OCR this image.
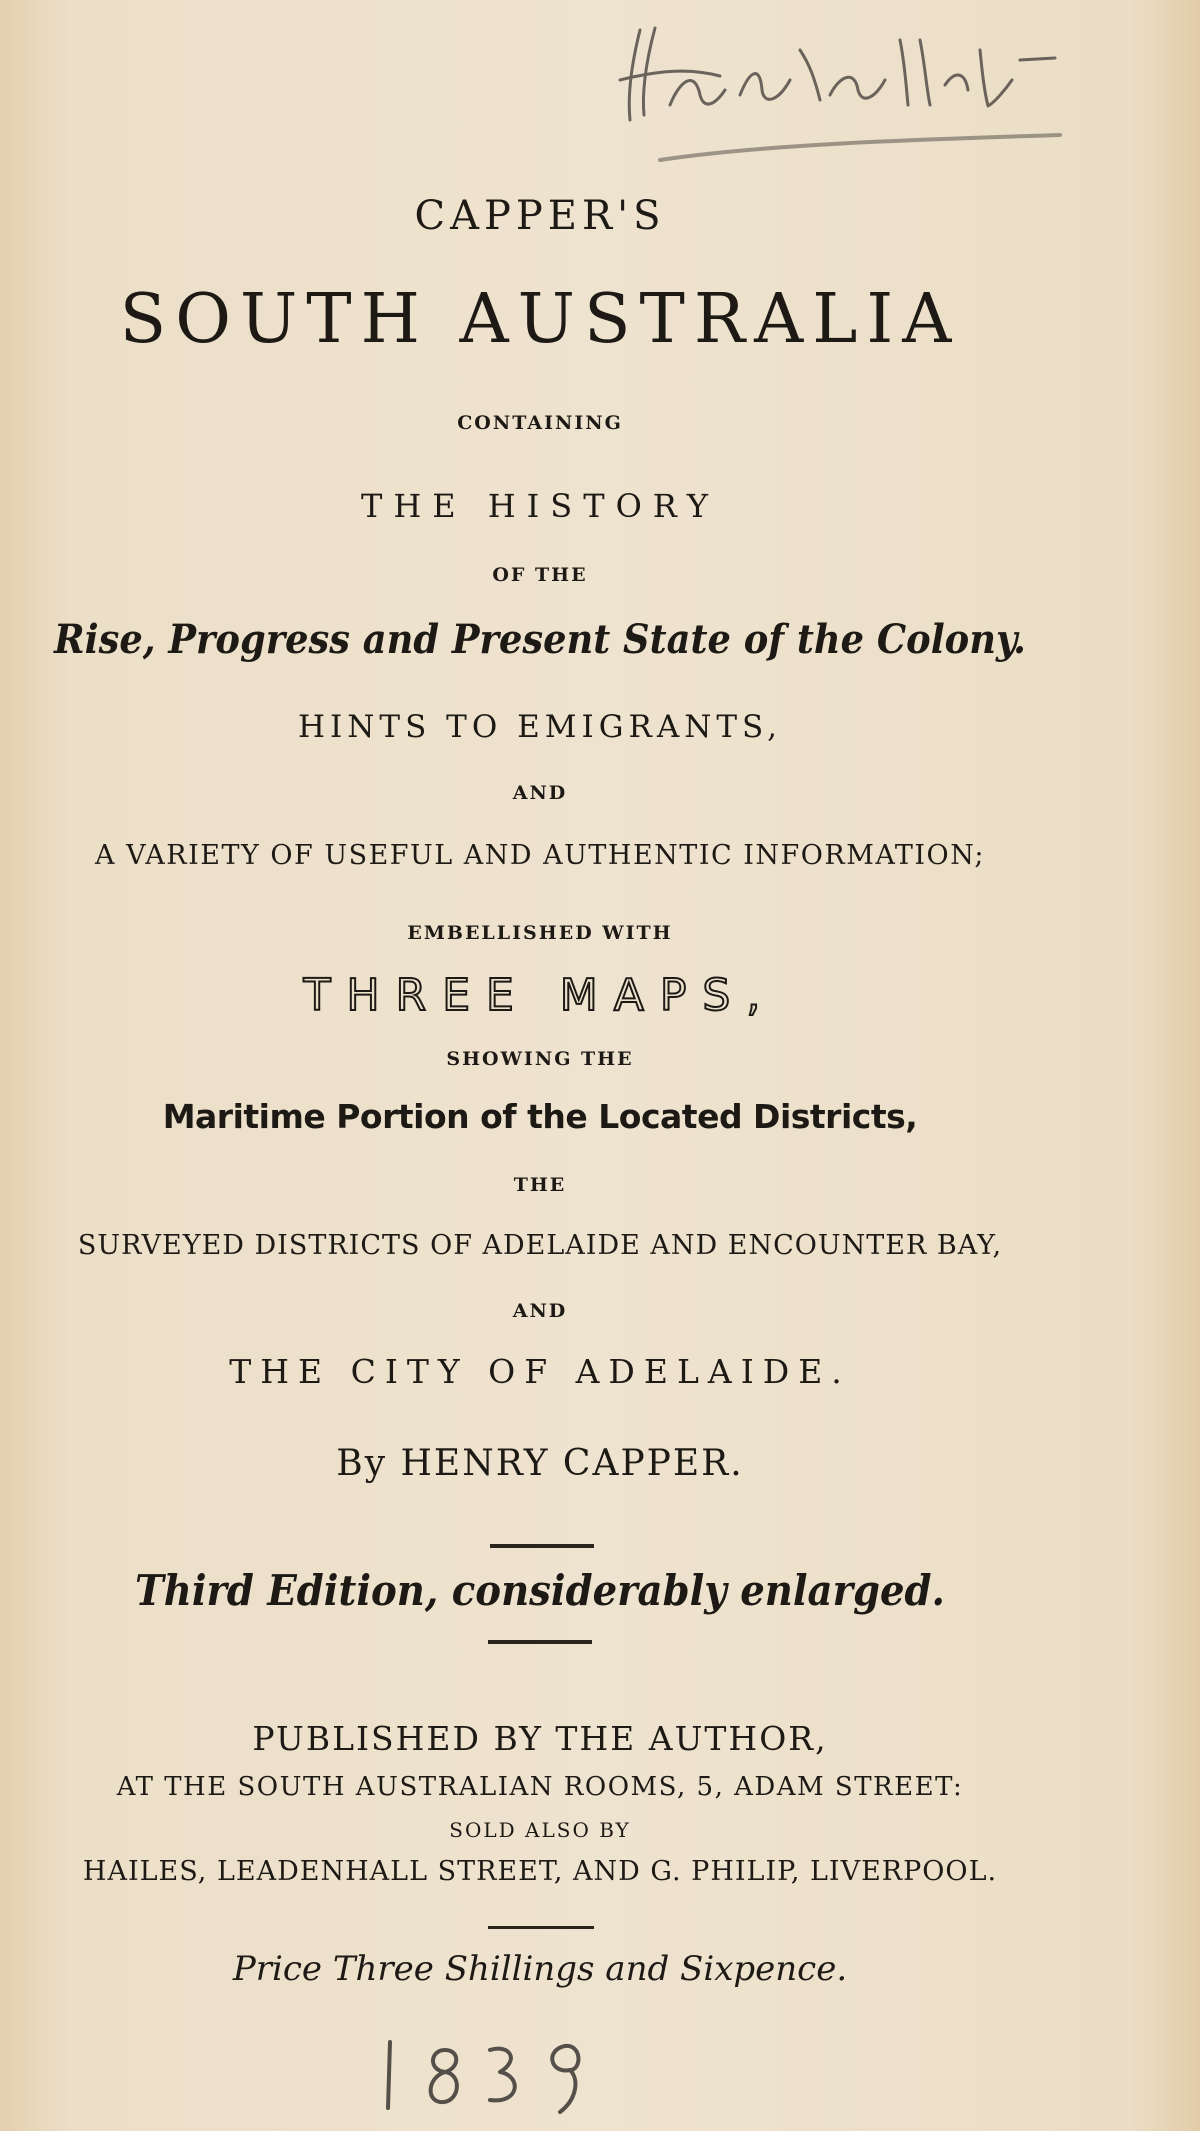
CAPPER'S

SOUTH AUSTRALIA

CONTAINING

THE HISTORY

OF THE

Rise, Progress and Present State of the Colony.

HINTS TO EMIGRANTS,

AND

A VARIETY OF USEFUL AND AUTHENTIC INFORMATION;

EMBELLISHED WITH

THREE MAPS,

SHOWING THE

Maritime Portion of the Located Districts,

THE

SURVEYED DISTRICTS OF ADELAIDE AND ENCOUNTER BAY,

AND

THE CITY OF ADELAIDE.

By HENRY CAPPER.

Third Edition, considerably enlarged.

PUBLISHED BY THE AUTHOR,

AT THE SOUTH AUSTRALIAN ROOMS, 5, ADAM STREET:

SOLD ALSO BY

HAILES, LEADENHALL STREET, AND G. PHILIP, LIVERPOOL.

Price Three Shillings and Sixpence.
